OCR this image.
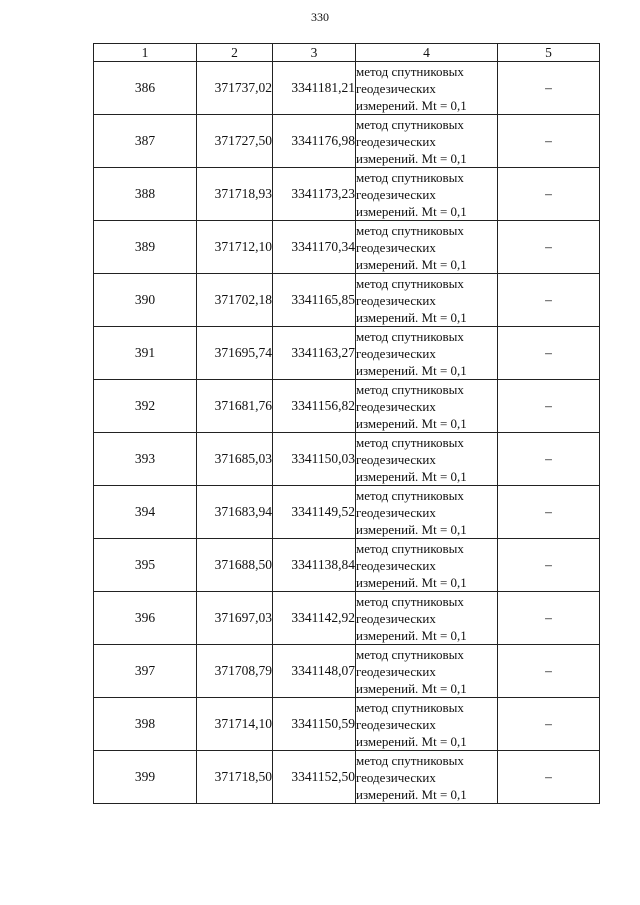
330
1	2	3	4	5
386	371737,02	3341181,21	метод спутниковых
геодезических
измерений. Mt = 0,1	–
387	371727,50	3341176,98	метод спутниковых
геодезических
измерений. Mt = 0,1	–
388	371718,93	3341173,23	метод спутниковых
геодезических
измерений. Mt = 0,1	–
389	371712,10	3341170,34	метод спутниковых
геодезических
измерений. Mt = 0,1	–
390	371702,18	3341165,85	метод спутниковых
геодезических
измерений. Mt = 0,1	–
391	371695,74	3341163,27	метод спутниковых
геодезических
измерений. Mt = 0,1	–
392	371681,76	3341156,82	метод спутниковых
геодезических
измерений. Mt = 0,1	–
393	371685,03	3341150,03	метод спутниковых
геодезических
измерений. Mt = 0,1	–
394	371683,94	3341149,52	метод спутниковых
геодезических
измерений. Mt = 0,1	–
395	371688,50	3341138,84	метод спутниковых
геодезических
измерений. Mt = 0,1	–
396	371697,03	3341142,92	метод спутниковых
геодезических
измерений. Mt = 0,1	–
397	371708,79	3341148,07	метод спутниковых
геодезических
измерений. Mt = 0,1	–
398	371714,10	3341150,59	метод спутниковых
геодезических
измерений. Mt = 0,1	–
399	371718,50	3341152,50	метод спутниковых
геодезических
измерений. Mt = 0,1	–
